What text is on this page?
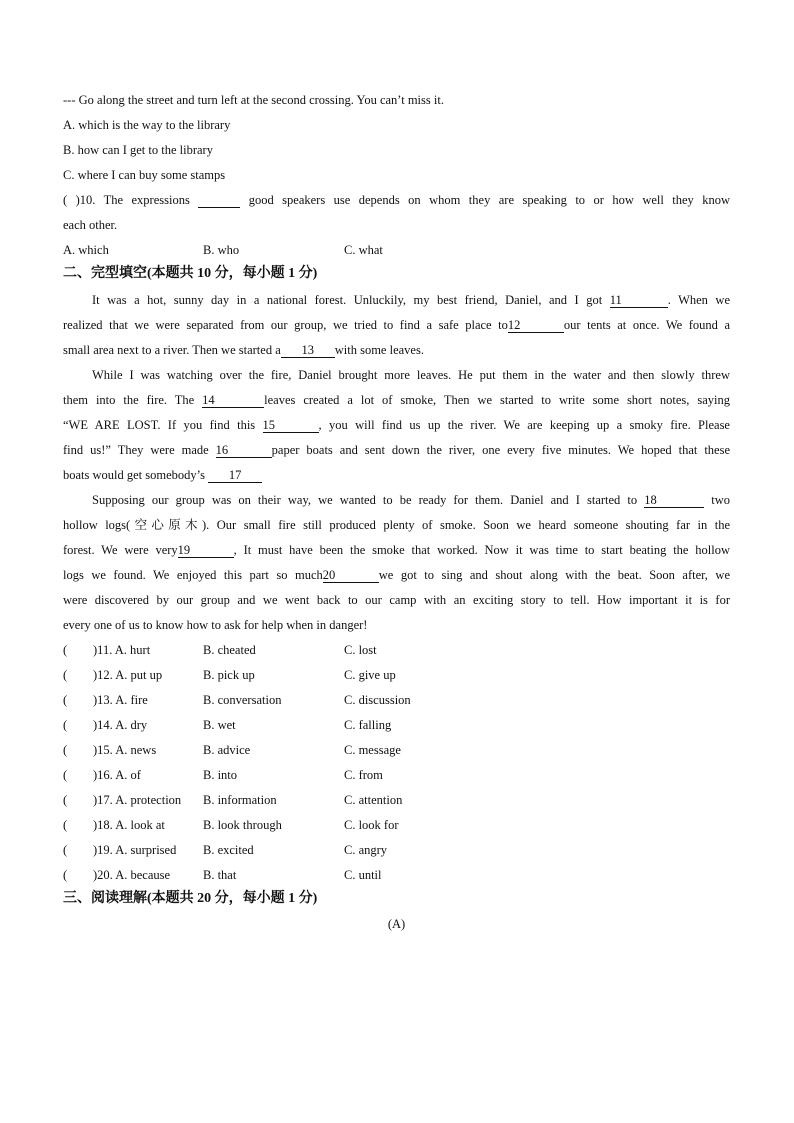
--- Go along the street and turn left at the second crossing. You can’t miss it.
A. which is the way to the library
B. how can I get to the library
C. where I can buy some stamps
( )10. The expressions	good speakers use depends on whom they are speaking to or how well they know
each other.
A. which	B. who	C. what
二、完型填空(本题共 10 分，每小题 1 分)
It was a hot, sunny day in a national forest. Unluckily, my best friend, Daniel, and I got 11	. When we
realized that we were separated from our group, we tried to find a safe place to12	our tents at once. We found a
small area next to a river. Then we started a 13 with some leaves.
While I was watching over the fire, Daniel brought more leaves. He put them in the water and then slowly threw
them into the fire. The 14	leaves created a lot of smoke, Then we started to write some short notes, saying
“WE ARE LOST. If you find this 15	, you will find us up the river. We are keeping up a smoky fire. Please
find us!” They were made 16	paper boats and sent down the river, one every five minutes. We hoped that these
boats would get somebody’s 17
Supposing our group was on their way, we wanted to be ready for them. Daniel and I started to 18	two
hollow logs(空心原木). Our small fire still produced plenty of smoke. Soon we heard someone shouting far in the
forest. We were very19	, It must have been the smoke that worked. Now it was time to start beating the hollow
logs we found. We enjoyed this part so much20	we got to sing and shout along with the beat. Soon after, we
were discovered by our group and we went back to our camp with an exciting story to tell. How important it is for
every one of us to know how to ask for help when in danger!
( )11. A. hurt	B. cheated	C. lost
( )12. A. put up	B. pick up	C. give up
( )13. A. fire	B. conversation	C. discussion
( )14. A. dry	B. wet	C. falling
( )15. A. news	B. advice	C. message
( )16. A. of	B. into	C. from
( )17. A. protection B. information	C. attention
( )18. A. look at	B. look through	C. look for
( )19. A. surprised B. excited	C. angry
( )20. A. because	B. that	C. until
三、阅读理解(本题共 20 分，每小题 1 分)
(A)
